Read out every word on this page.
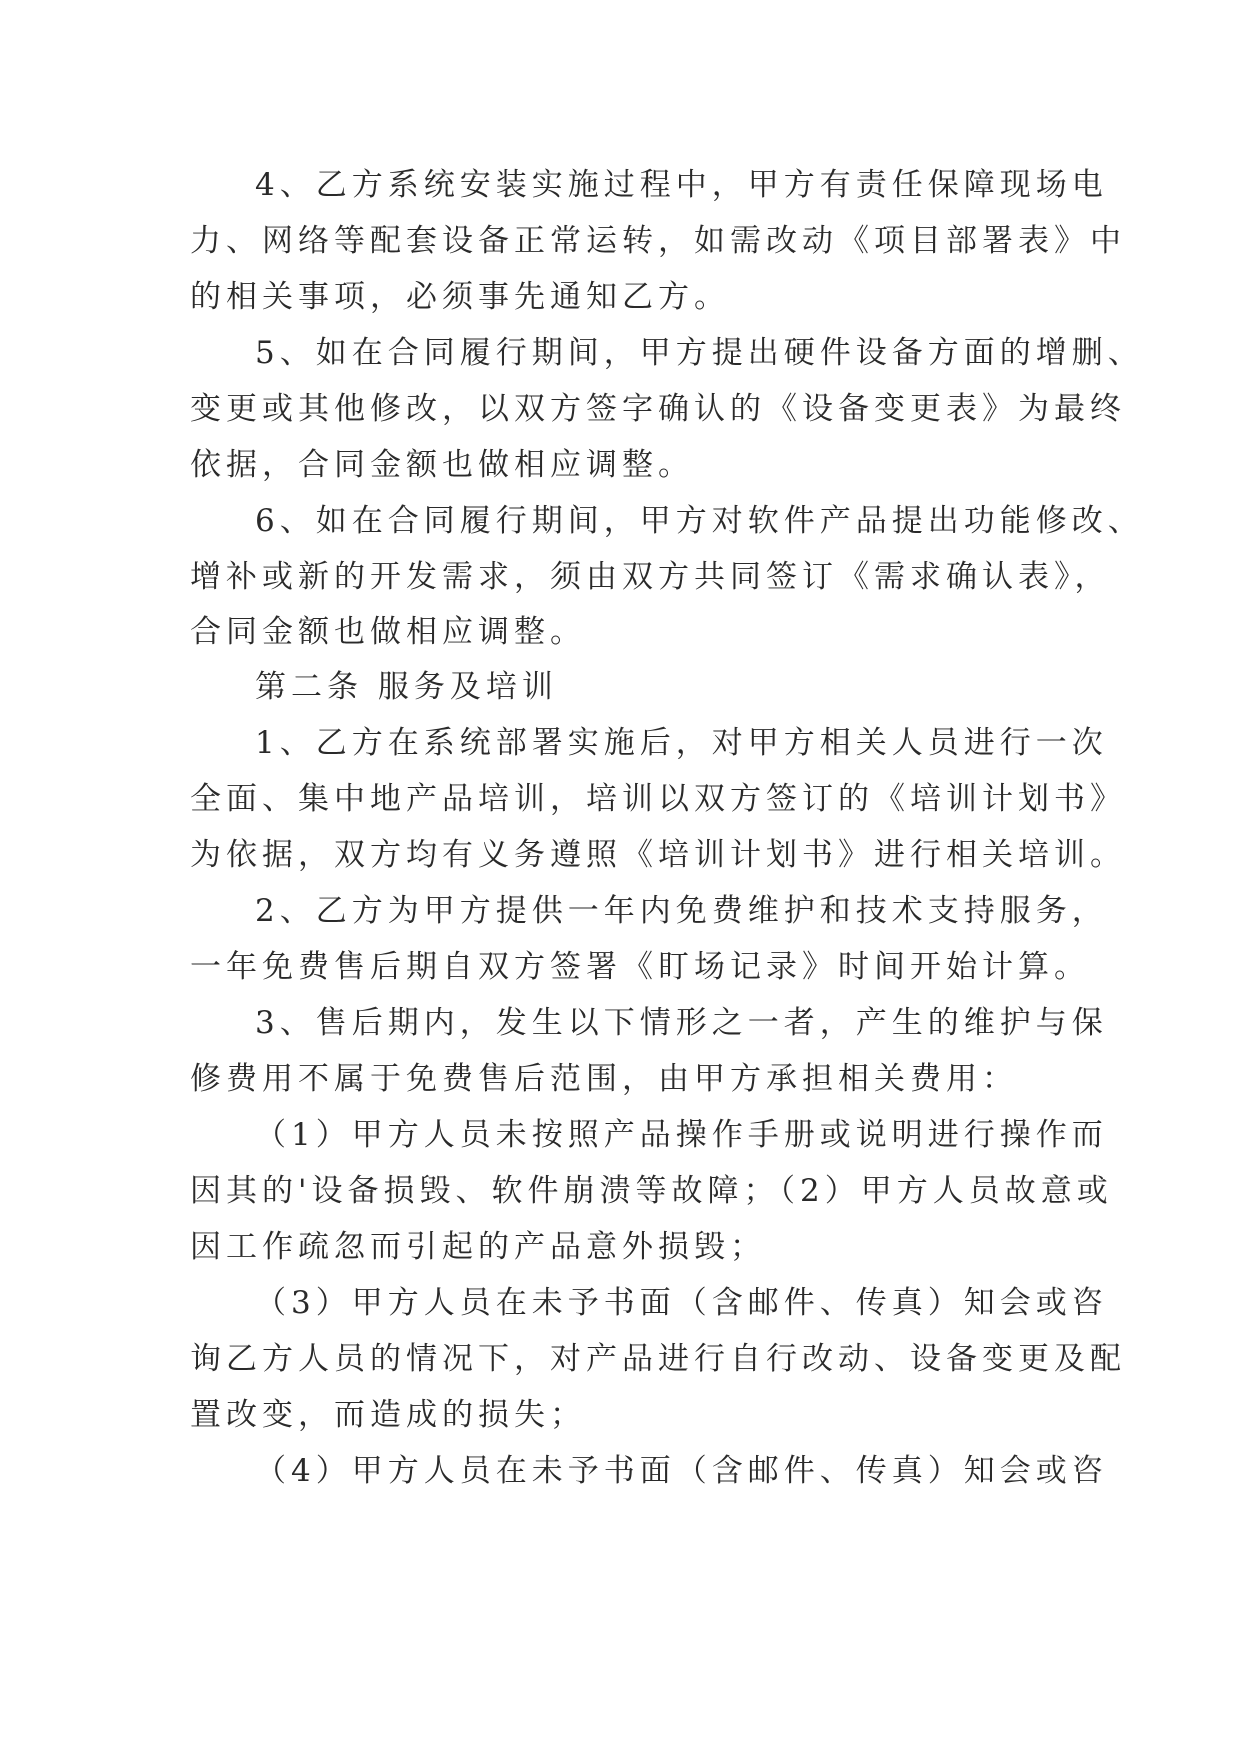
4、乙方系统安装实施过程中，甲方有责任保障现场电
力、网络等配套设备正常运转，如需改动《项目部署表》中
的相关事项，必须事先通知乙方。
5、如在合同履行期间，甲方提出硬件设备方面的增删、
变更或其他修改，以双方签字确认的《设备变更表》为最终
依据，合同金额也做相应调整。
6、如在合同履行期间，甲方对软件产品提出功能修改、
增补或新的开发需求，须由双方共同签订《需求确认表》，
合同金额也做相应调整。
第二条 服务及培训
1、乙方在系统部署实施后，对甲方相关人员进行一次
全面、集中地产品培训，培训以双方签订的《培训计划书》
为依据，双方均有义务遵照《培训计划书》进行相关培训。
2、乙方为甲方提供一年内免费维护和技术支持服务，
一年免费售后期自双方签署《盯场记录》时间开始计算。
3、售后期内，发生以下情形之一者，产生的维护与保
修费用不属于免费售后范围，由甲方承担相关费用：
（1）甲方人员未按照产品操作手册或说明进行操作而
因其的'设备损毁、软件崩溃等故障；（2）甲方人员故意或
因工作疏忽而引起的产品意外损毁；
（3）甲方人员在未予书面（含邮件、传真）知会或咨
询乙方人员的情况下，对产品进行自行改动、设备变更及配
置改变，而造成的损失；
（4）甲方人员在未予书面（含邮件、传真）知会或咨
